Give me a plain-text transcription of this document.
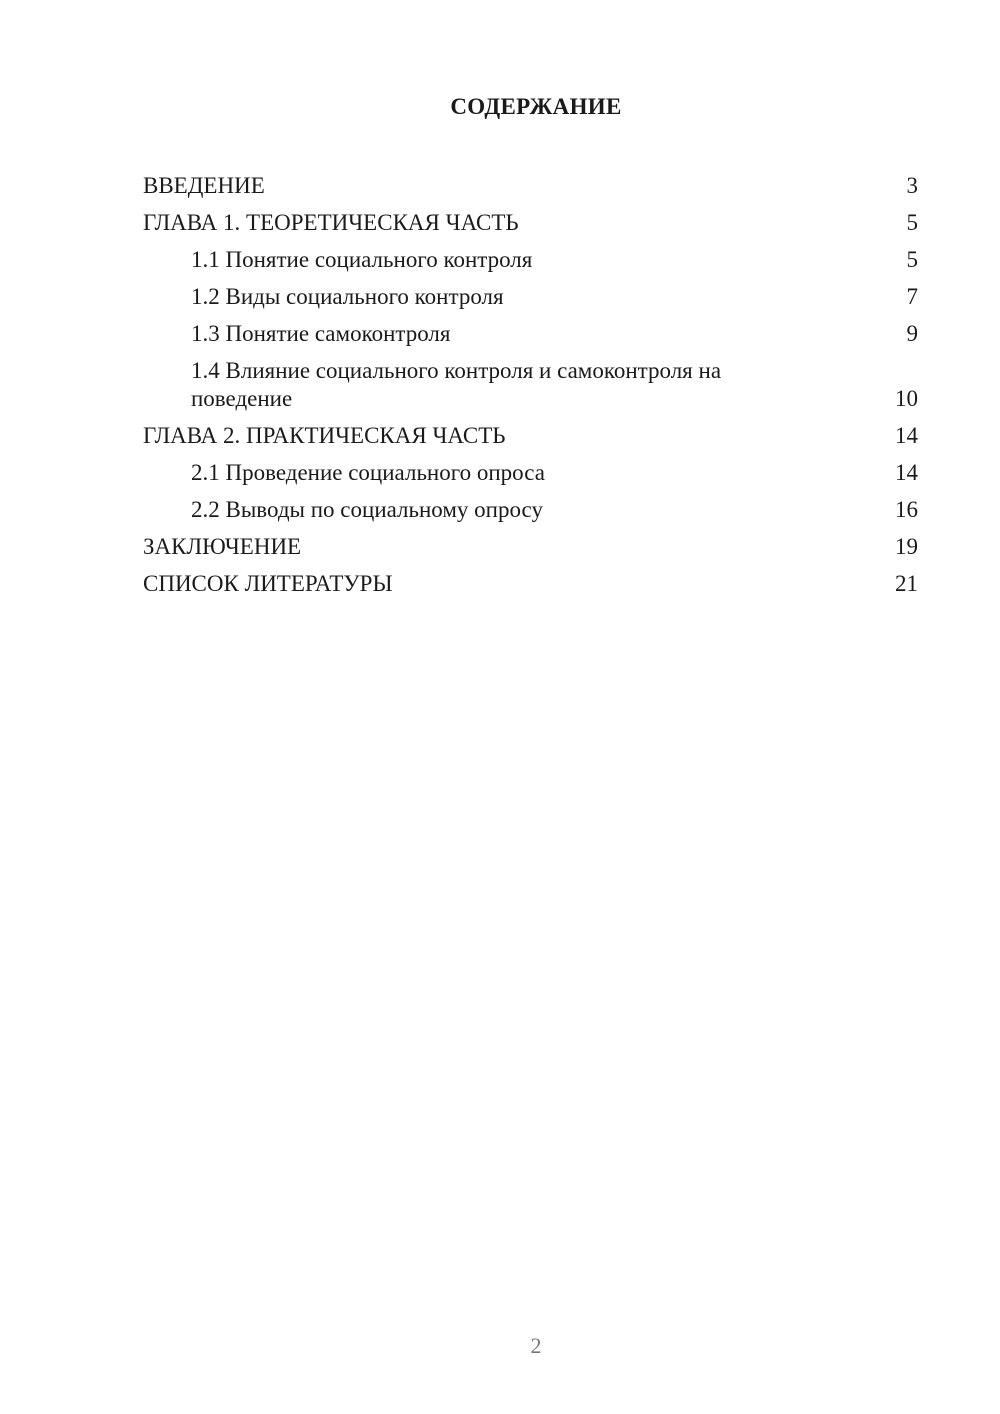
СОДЕРЖАНИЕ
ВВЕДЕНИЕ	3
ГЛАВА 1. ТЕОРЕТИЧЕСКАЯ ЧАСТЬ	5
1.1 Понятие социального контроля	5
1.2 Виды социального контроля	7
1.3 Понятие самоконтроля	9
1.4 Влияние социального контроля и самоконтроля на поведение	10
ГЛАВА 2. ПРАКТИЧЕСКАЯ ЧАСТЬ	14
2.1 Проведение социального опроса	14
2.2 Выводы по социальному опросу	16
ЗАКЛЮЧЕНИЕ	19
СПИСОК ЛИТЕРАТУРЫ	21
2
